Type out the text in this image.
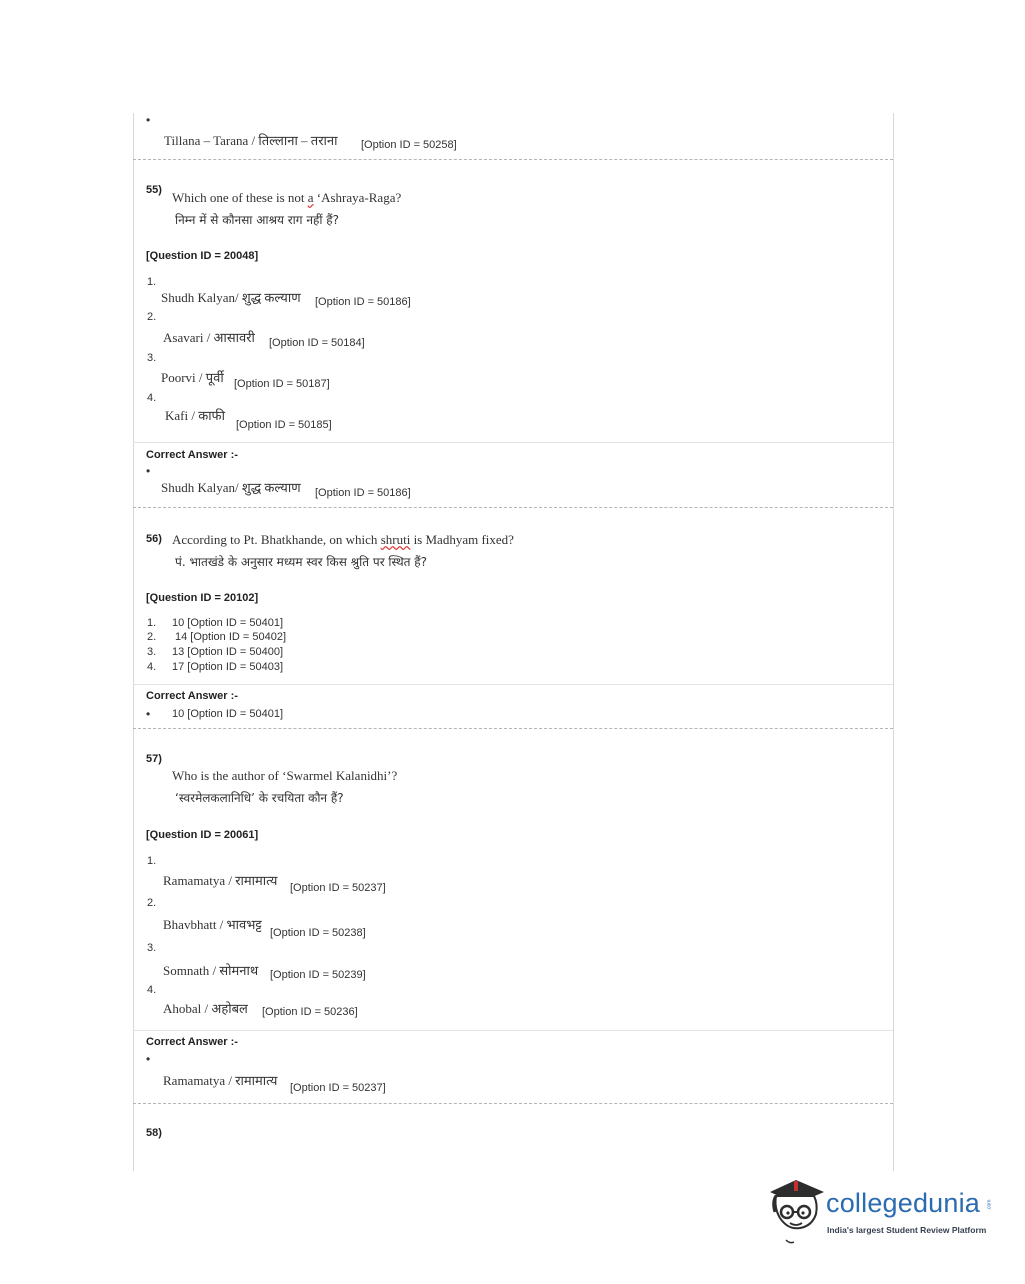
•
Tillana – Tarana / तिल्लाना – तराना [Option ID = 50258]
55) Which one of these is not a ‘Ashraya-Raga?
निम्न में से कौनसा आश्रय राग नहीं हैं?
[Question ID = 20048]
1.
Shudh Kalyan/ शुद्ध कल्याण [Option ID = 50186]
2.
Asavari / आसावरी [Option ID = 50184]
3.
Poorvi / पूर्वी [Option ID = 50187]
4.
Kafi / काफी
[Option ID = 50185]
Correct Answer :-
•
Shudh Kalyan/ शुद्ध कल्याण [Option ID = 50186]
56) According to Pt. Bhatkhande, on which shruti is Madhyam fixed?
पं. भातखंडे के अनुसार मध्यम स्वर किस श्रुति पर स्थित हैं?
[Question ID = 20102]
1. 10 [Option ID = 50401]
2. 14 [Option ID = 50402]
3. 13 [Option ID = 50400]
4. 17 [Option ID = 50403]
Correct Answer :-
• 10 [Option ID = 50401]
57)
Who is the author of ‘Swarmel Kalanidhi’?
‘स्वरमेलकलानिधि’ के रचयिता कौन हैं?
[Question ID = 20061]
1.
Ramamatya / रामामात्य [Option ID = 50237]
2.
Bhavbhatt / भावभट्ट
[Option ID = 50238]
3.
Somnath / सोमनाथ [Option ID = 50239]
4.
Ahobal / अहोबल [Option ID = 50236]
Correct Answer :-
•
Ramamatya / रामामात्य [Option ID = 50237]
58)
collegedunia .com
India's largest Student Review Platform
